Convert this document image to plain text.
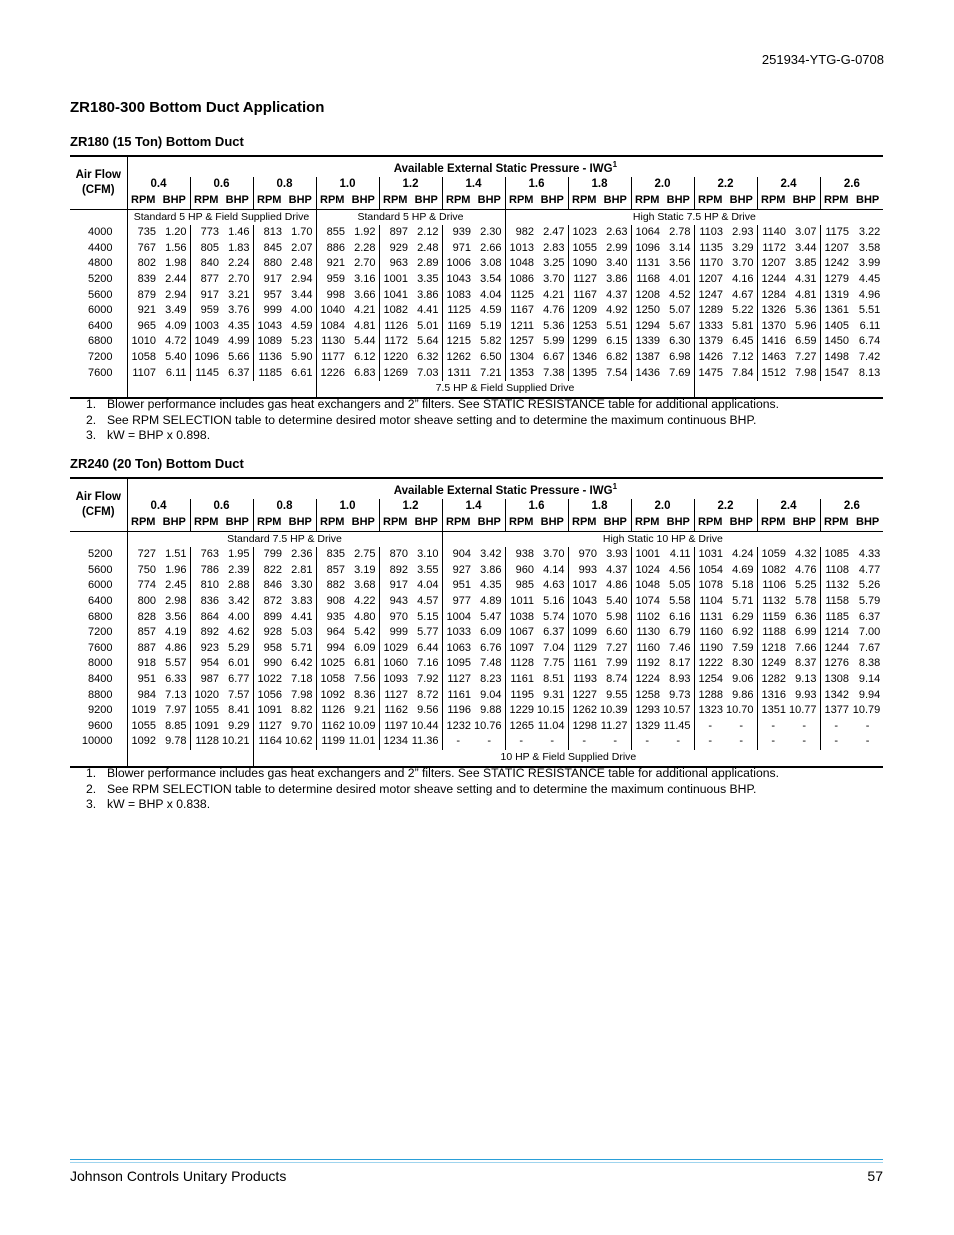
251934-YTG-G-0708
ZR180-300 Bottom Duct Application
ZR180 (15 Ton) Bottom Duct
Air Flow
(CFM)	Available External Static Pressure - IWG$^1$
	0.4		0.6		0.8		1.0		1.2		1.4		1.6		1.8		2.0		2.2		2.4		2.6	
	RPM	BHP	RPM	BHP	RPM	BHP	RPM	BHP	RPM	BHP	RPM	BHP	RPM	BHP	RPM	BHP	RPM	BHP	RPM	BHP	RPM	BHP	RPM	BHP
	Standard 5 HP & Field Supplied Drive						Standard 5 HP & Drive						High Static 7.5 HP & Drive											
4000	735	1.20	773	1.46	813	1.70	855	1.92	897	2.12	939	2.30	982	2.47	1023	2.63	1064	2.78	1103	2.93	1140	3.07	1175	3.22
4400	767	1.56	805	1.83	845	2.07	886	2.28	929	2.48	971	2.66	1013	2.83	1055	2.99	1096	3.14	1135	3.29	1172	3.44	1207	3.58
4800	802	1.98	840	2.24	880	2.48	921	2.70	963	2.89	1006	3.08	1048	3.25	1090	3.40	1131	3.56	1170	3.70	1207	3.85	1242	3.99
5200	839	2.44	877	2.70	917	2.94	959	3.16	1001	3.35	1043	3.54	1086	3.70	1127	3.86	1168	4.01	1207	4.16	1244	4.31	1279	4.45
5600	879	2.94	917	3.21	957	3.44	998	3.66	1041	3.86	1083	4.04	1125	4.21	1167	4.37	1208	4.52	1247	4.67	1284	4.81	1319	4.96
6000	921	3.49	959	3.76	999	4.00	1040	4.21	1082	4.41	1125	4.59	1167	4.76	1209	4.92	1250	5.07	1289	5.22	1326	5.36	1361	5.51
6400	965	4.09	1003	4.35	1043	4.59	1084	4.81	1126	5.01	1169	5.19	1211	5.36	1253	5.51	1294	5.67	1333	5.81	1370	5.96	1405	6.11
6800	1010	4.72	1049	4.99	1089	5.23	1130	5.44	1172	5.64	1215	5.82	1257	5.99	1299	6.15	1339	6.30	1379	6.45	1416	6.59	1450	6.74
7200	1058	5.40	1096	5.66	1136	5.90	1177	6.12	1220	6.32	1262	6.50	1304	6.67	1346	6.82	1387	6.98	1426	7.12	1463	7.27	1498	7.42
7600	1107	6.11	1145	6.37	1185	6.61	1226	6.83	1269	7.03	1311	7.21	1353	7.38	1395	7.54	1436	7.69	1475	7.84	1512	7.98	1547	8.13
							7.5 HP & Field Supplied Drive																	
1. Blower performance includes gas heat exchangers and 2” filters. See STATIC RESISTANCE table for additional applications.
2. See RPM SELECTION table to determine desired motor sheave setting and to determine the maximum continuous BHP.
3. kW = BHP x 0.898.
ZR240 (20 Ton) Bottom Duct
Air Flow
(CFM)	Available External Static Pressure - IWG$^1$
	0.4		0.6		0.8		1.0		1.2		1.4		1.6		1.8		2.0		2.2		2.4		2.6	
	RPM	BHP	RPM	BHP	RPM	BHP	RPM	BHP	RPM	BHP	RPM	BHP	RPM	BHP	RPM	BHP	RPM	BHP	RPM	BHP	RPM	BHP	RPM	BHP
	Standard 7.5 HP & Drive										High Static 10 HP & Drive													
5200	727	1.51	763	1.95	799	2.36	835	2.75	870	3.10	904	3.42	938	3.70	970	3.93	1001	4.11	1031	4.24	1059	4.32	1085	4.33
5600	750	1.96	786	2.39	822	2.81	857	3.19	892	3.55	927	3.86	960	4.14	993	4.37	1024	4.56	1054	4.69	1082	4.76	1108	4.77
6000	774	2.45	810	2.88	846	3.30	882	3.68	917	4.04	951	4.35	985	4.63	1017	4.86	1048	5.05	1078	5.18	1106	5.25	1132	5.26
6400	800	2.98	836	3.42	872	3.83	908	4.22	943	4.57	977	4.89	1011	5.16	1043	5.40	1074	5.58	1104	5.71	1132	5.78	1158	5.79
6800	828	3.56	864	4.00	899	4.41	935	4.80	970	5.15	1004	5.47	1038	5.74	1070	5.98	1102	6.16	1131	6.29	1159	6.36	1185	6.37
7200	857	4.19	892	4.62	928	5.03	964	5.42	999	5.77	1033	6.09	1067	6.37	1099	6.60	1130	6.79	1160	6.92	1188	6.99	1214	7.00
7600	887	4.86	923	5.29	958	5.71	994	6.09	1029	6.44	1063	6.76	1097	7.04	1129	7.27	1160	7.46	1190	7.59	1218	7.66	1244	7.67
8000	918	5.57	954	6.01	990	6.42	1025	6.81	1060	7.16	1095	7.48	1128	7.75	1161	7.99	1192	8.17	1222	8.30	1249	8.37	1276	8.38
8400	951	6.33	987	6.77	1022	7.18	1058	7.56	1093	7.92	1127	8.23	1161	8.51	1193	8.74	1224	8.93	1254	9.06	1282	9.13	1308	9.14
8800	984	7.13	1020	7.57	1056	7.98	1092	8.36	1127	8.72	1161	9.04	1195	9.31	1227	9.55	1258	9.73	1288	9.86	1316	9.93	1342	9.94
9200	1019	7.97	1055	8.41	1091	8.82	1126	9.21	1162	9.56	1196	9.88	1229	10.15	1262	10.39	1293	10.57	1323	10.70	1351	10.77	1377	10.79
9600	1055	8.85	1091	9.29	1127	9.70	1162	10.09	1197	10.44	1232	10.76	1265	11.04	1298	11.27	1329	11.45	-	-	-	-	-	-
10000	1092	9.78	1128	10.21	1164	10.62	1199	11.01	1234	11.36	-	-	-	-	-	-	-	-	-	-	-	-	-	-
					10 HP & Field Supplied Drive																			
1. Blower performance includes gas heat exchangers and 2” filters. See STATIC RESISTANCE table for additional applications.
2. See RPM SELECTION table to determine desired motor sheave setting and to determine the maximum continuous BHP.
3. kW = BHP x 0.838.
Johnson Controls Unitary Products	57
